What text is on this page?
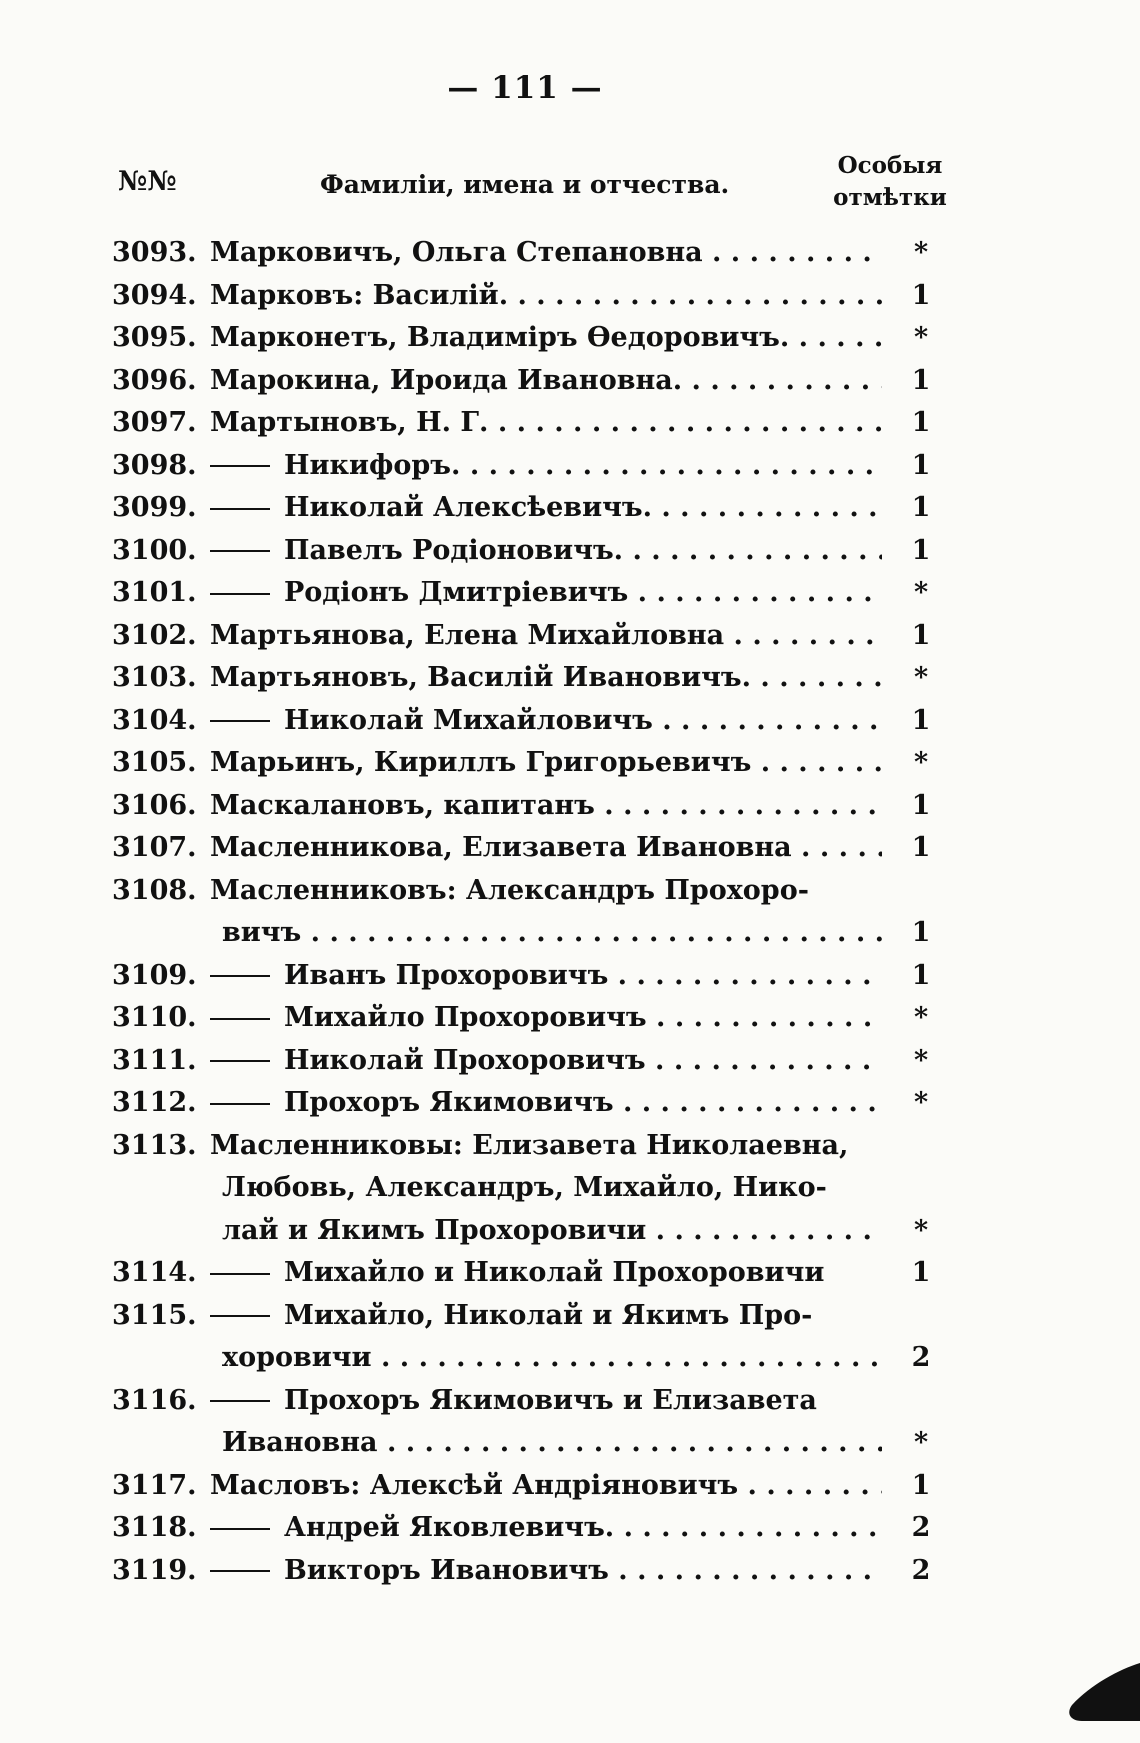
— 111 —
№№	Фамилiи, имена и отчества.
Особыя отмѣтки
3093. Марковичъ, Ольга Степановна . . .	*
3094. Марковъ: Василiй. . . .	1
3095. Марконетъ, Владимiръ Өедоровичъ. . . .	*
3096. Марокина, Ироида Ивановна. . . .	1
3097. Мартыновъ, Н. Г. . . .	1
3098.	Никифоръ. . . .	1
3099.	Николай Алексѣевичъ. . . .	1
3100.	Павелъ Родiоновичъ. . . .	1
3101.	Родiонъ Дмитрiевичъ . . .	*
3102. Мартьянова, Елена Михайловна . . .	1
3103. Мартьяновъ, Василiй Ивановичъ. . . .	*
3104.	Николай Михайловичъ . . .	1
3105. Марьинъ, Кириллъ Григорьевичъ . . .	*
3106. Маскалановъ, капитанъ . . .	1
3107. Масленникова, Елизавета Ивановна . . .	1
3108. Масленниковъ: Александръ Прохоро-
вичъ . . .	1
3109.	Иванъ Прохоровичъ . . .	1
3110.	Михайло Прохоровичъ . . .	*
3111.	Николай Прохоровичъ . . .	*
3112.	Прохоръ Якимовичъ . . .	*
3113. Масленниковы: Елизавета Николаевна,
Любовь, Александръ, Михайло, Нико-
лай и Якимъ Прохоровичи . . .	*
3114.	Михайло и Николай Прохоровичи	1
3115.	Михайло, Николай и Якимъ Про-
хоровичи . . .	2
3116.	Прохоръ Якимовичъ и Елизавета
Ивановна . . .	*
3117. Масловъ: Алексѣй Андрiяновичъ . . .	1
3118.	Андрей Яковлевичъ. . . .	2
3119.	Викторъ Ивановичъ . . .	2
